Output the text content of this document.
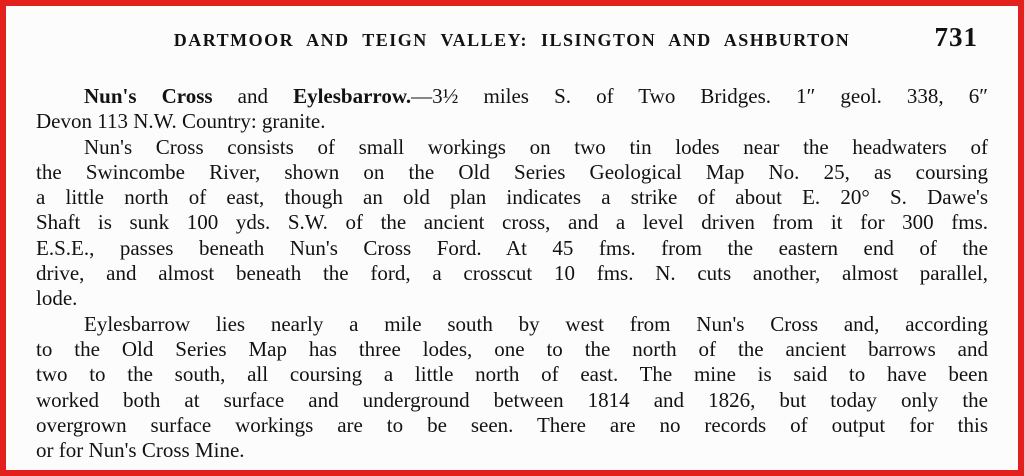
DARTMOOR AND TEIGN VALLEY: ILSINGTON AND ASHBURTON	731
Nun's Cross and Eylesbarrow.—3½ miles S. of Two Bridges. 1″ geol. 338, 6″
Devon 113 N.W. Country: granite.
Nun's Cross consists of small workings on two tin lodes near the headwaters of
the Swincombe River, shown on the Old Series Geological Map No. 25, as coursing
a little north of east, though an old plan indicates a strike of about E. 20° S. Dawe's
Shaft is sunk 100 yds. S.W. of the ancient cross, and a level driven from it for 300 fms.
E.S.E., passes beneath Nun's Cross Ford. At 45 fms. from the eastern end of the
drive, and almost beneath the ford, a crosscut 10 fms. N. cuts another, almost parallel,
lode.
Eylesbarrow lies nearly a mile south by west from Nun's Cross and, according
to the Old Series Map has three lodes, one to the north of the ancient barrows and
two to the south, all coursing a little north of east. The mine is said to have been
worked both at surface and underground between 1814 and 1826, but today only the
overgrown surface workings are to be seen. There are no records of output for this
or for Nun's Cross Mine.
